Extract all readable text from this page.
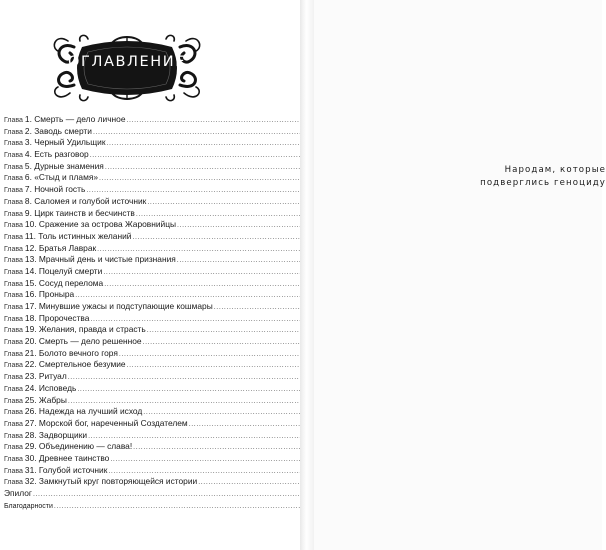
ОГЛАВЛЕНИЕ
Глава 1. Смерть — дело личное
.....
Глава 2. Заводь смерти
.....
Глава 3. Черный Удильщик
.....
Глава 4. Есть разговор
.....
Глава 5. Дурные знамения
.....
Глава 6. «Стыд и пламя»
.....
Глава 7. Ночной гость
.....
Глава 8. Саломея и голубой источник
.....
Глава 9. Цирк таинств и бесчинств
.....
Глава 10. Сражение за острова Жаровнийцы
.....
Глава 11. Толь истинных желаний
.....
Глава 12. Братья Лаврак
.....
Глава 13. Мрачный день и чистые признания
.....
Глава 14. Поцелуй смерти
.....
Глава 15. Сосуд перелома
.....
Глава 16. Проныра
.....
Глава 17. Минувшие ужасы и подступающие кошмары
.....
Глава 18. Пророчества
.....
Глава 19. Желания, правда и страсть
.....
Глава 20. Смерть — дело решенное
.....
Глава 21. Болото вечного горя
.....
Глава 22. Смертельное безумие
.....
Глава 23. Ритуал
.....
Глава 24. Исповедь
.....
Глава 25. Жабры
.....
Глава 26. Надежда на лучший исход
.....
Глава 27. Морской бог, нареченный Создателем
.....
Глава 28. Задворщики
.....
Глава 29. Объединению — слава!
.....
Глава 30. Древнее таинство
.....
Глава 31. Голубой источник
.....
Глава 32. Замкнутый круг повторяющейся истории
.....
Эпилог
.....
Благодарности
.....
Народам, которые
подверглись геноциду
